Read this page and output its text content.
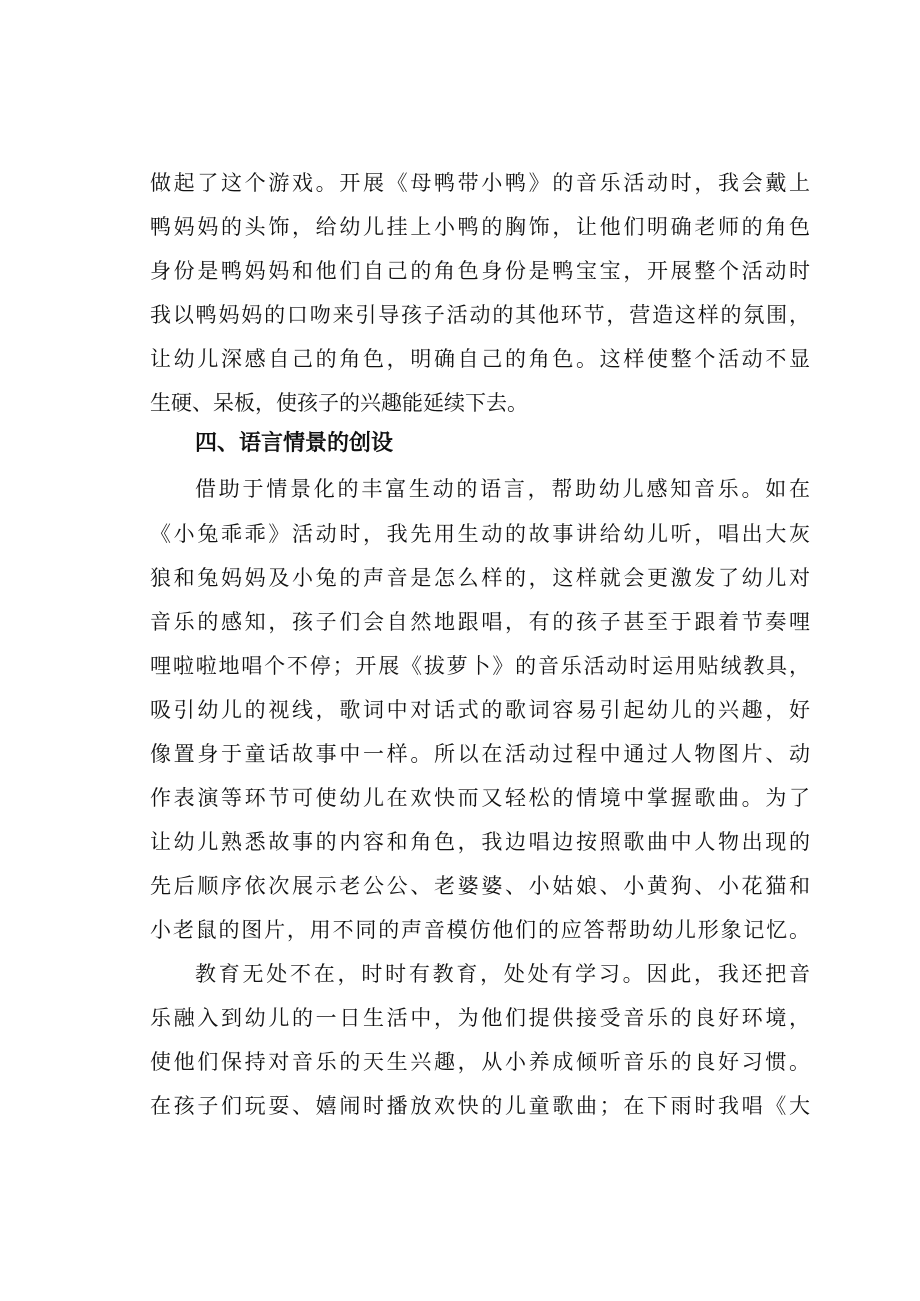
做起了这个游戏。开展《母鸭带小鸭》的音乐活动时，我会戴上
鸭妈妈的头饰，给幼儿挂上小鸭的胸饰，让他们明确老师的角色
身份是鸭妈妈和他们自己的角色身份是鸭宝宝，开展整个活动时
我以鸭妈妈的口吻来引导孩子活动的其他环节，营造这样的氛围，
让幼儿深感自己的角色，明确自己的角色。这样使整个活动不显
生硬、呆板，使孩子的兴趣能延续下去。
四、语言情景的创设
借助于情景化的丰富生动的语言，帮助幼儿感知音乐。如在
《小兔乖乖》活动时，我先用生动的故事讲给幼儿听，唱出大灰
狼和兔妈妈及小兔的声音是怎么样的，这样就会更激发了幼儿对
音乐的感知，孩子们会自然地跟唱，有的孩子甚至于跟着节奏哩
哩啦啦地唱个不停；开展《拔萝卜》的音乐活动时运用贴绒教具，
吸引幼儿的视线，歌词中对话式的歌词容易引起幼儿的兴趣，好
像置身于童话故事中一样。所以在活动过程中通过人物图片、动
作表演等环节可使幼儿在欢快而又轻松的情境中掌握歌曲。为了
让幼儿熟悉故事的内容和角色，我边唱边按照歌曲中人物出现的
先后顺序依次展示老公公、老婆婆、小姑娘、小黄狗、小花猫和
小老鼠的图片，用不同的声音模仿他们的应答帮助幼儿形象记忆。
教育无处不在，时时有教育，处处有学习。因此，我还把音
乐融入到幼儿的一日生活中，为他们提供接受音乐的良好环境，
使他们保持对音乐的天生兴趣，从小养成倾听音乐的良好习惯。
在孩子们玩耍、嬉闹时播放欢快的儿童歌曲；在下雨时我唱《大
